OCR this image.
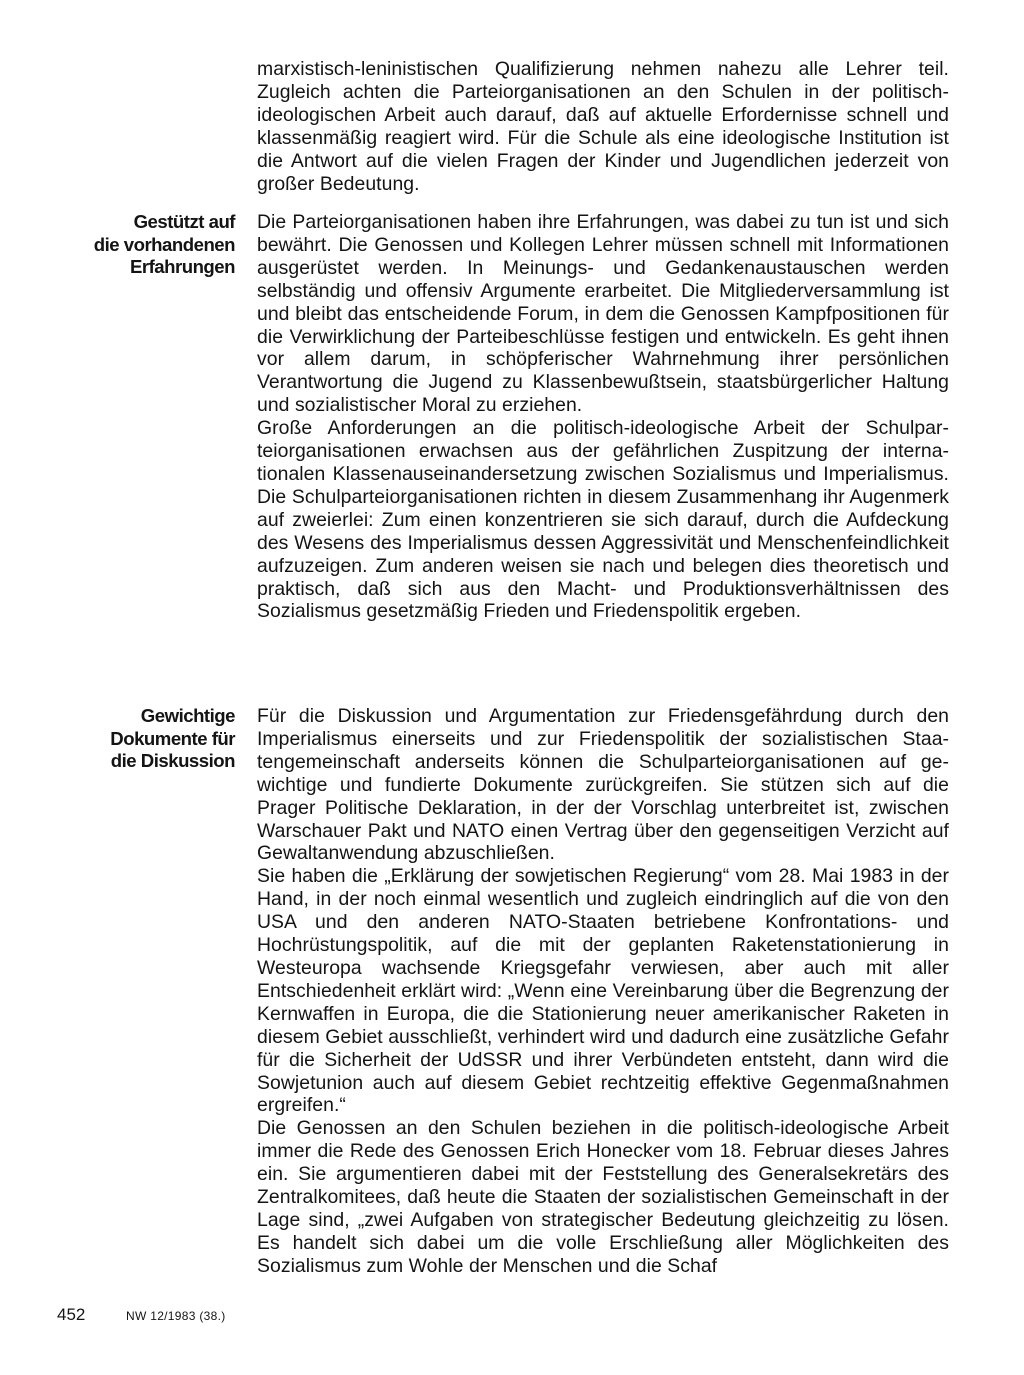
marxistisch-leninistischen Qualifizierung nehmen nahezu alle Lehrer teil. Zugleich achten die Parteiorganisationen an den Schulen in der politisch-ideologischen Arbeit auch darauf, daß auf aktuelle Erfordernisse schnell und klassenmäßig reagiert wird. Für die Schule als eine ideologische Institution ist die Antwort auf die vielen Fragen der Kinder und Jugendlichen jederzeit von großer Bedeutung.

Gestützt auf
die vorhandenen
Erfahrungen

Die Parteiorganisationen haben ihre Erfahrungen, was dabei zu tun ist und sich bewährt. Die Genossen und Kollegen Lehrer müssen schnell mit Informationen ausgerüstet werden. In Meinungs- und Gedankenaustauschen werden selbständig und offensiv Argumente erarbeitet. Die Mitgliederversammlung ist und bleibt das entscheidende Forum, in dem die Genossen Kampfpositionen für die Verwirklichung der Parteibeschlüsse festigen und entwickeln. Es geht ihnen vor allem darum, in schöpferischer Wahrnehmung ihrer persönlichen Verantwortung die Jugend zu Klassenbewußtsein, staatsbürgerlicher Haltung und sozialistischer Moral zu erziehen.

Große Anforderungen an die politisch-ideologische Arbeit der Schulparteiorganisationen erwachsen aus der gefährlichen Zuspitzung der internationalen Klassenauseinandersetzung zwischen Sozialismus und Imperialismus. Die Schulparteiorganisationen richten in diesem Zusammenhang ihr Augenmerk auf zweierlei: Zum einen konzentrieren sie sich darauf, durch die Aufdeckung des Wesens des Imperialismus dessen Aggressivität und Menschenfeindlichkeit aufzuzeigen. Zum anderen weisen sie nach und belegen dies theoretisch und praktisch, daß sich aus den Macht- und Produktionsverhältnissen des Sozialismus gesetzmäßig Frieden und Friedenspolitik ergeben.

Gewichtige
Dokumente für
die Diskussion

Für die Diskussion und Argumentation zur Friedensgefährdung durch den Imperialismus einerseits und zur Friedenspolitik der sozialistischen Staatengemeinschaft anderseits können die Schulparteiorganisationen auf gewichtige und fundierte Dokumente zurückgreifen. Sie stützen sich auf die Prager Politische Deklaration, in der der Vorschlag unterbreitet ist, zwischen Warschauer Pakt und NATO einen Vertrag über den gegenseitigen Verzicht auf Gewaltanwendung abzuschließen.

Sie haben die „Erklärung der sowjetischen Regierung“ vom 28. Mai 1983 in der Hand, in der noch einmal wesentlich und zugleich eindringlich auf die von den USA und den anderen NATO-Staaten betriebene Konfrontations- und Hochrüstungspolitik, auf die mit der geplanten Raketenstationierung in Westeuropa wachsende Kriegsgefahr verwiesen, aber auch mit aller Entschiedenheit erklärt wird: „Wenn eine Vereinbarung über die Begrenzung der Kernwaffen in Europa, die die Stationierung neuer amerikanischer Raketen in diesem Gebiet ausschließt, verhindert wird und dadurch eine zusätzliche Gefahr für die Sicherheit der UdSSR und ihrer Verbündeten entsteht, dann wird die Sowjetunion auch auf diesem Gebiet rechtzeitig effektive Gegenmaßnahmen ergreifen.“

Die Genossen an den Schulen beziehen in die politisch-ideologische Arbeit immer die Rede des Genossen Erich Honecker vom 18. Februar dieses Jahres ein. Sie argumentieren dabei mit der Feststellung des Generalsekretärs des Zentralkomitees, daß heute die Staaten der sozialistischen Gemeinschaft in der Lage sind, „zwei Aufgaben von strategischer Bedeutung gleichzeitig zu lösen. Es handelt sich dabei um die volle Erschließung aller Möglichkeiten des Sozialismus zum Wohle der Menschen und die Schaf

452	NW 12/1983 (38.)
